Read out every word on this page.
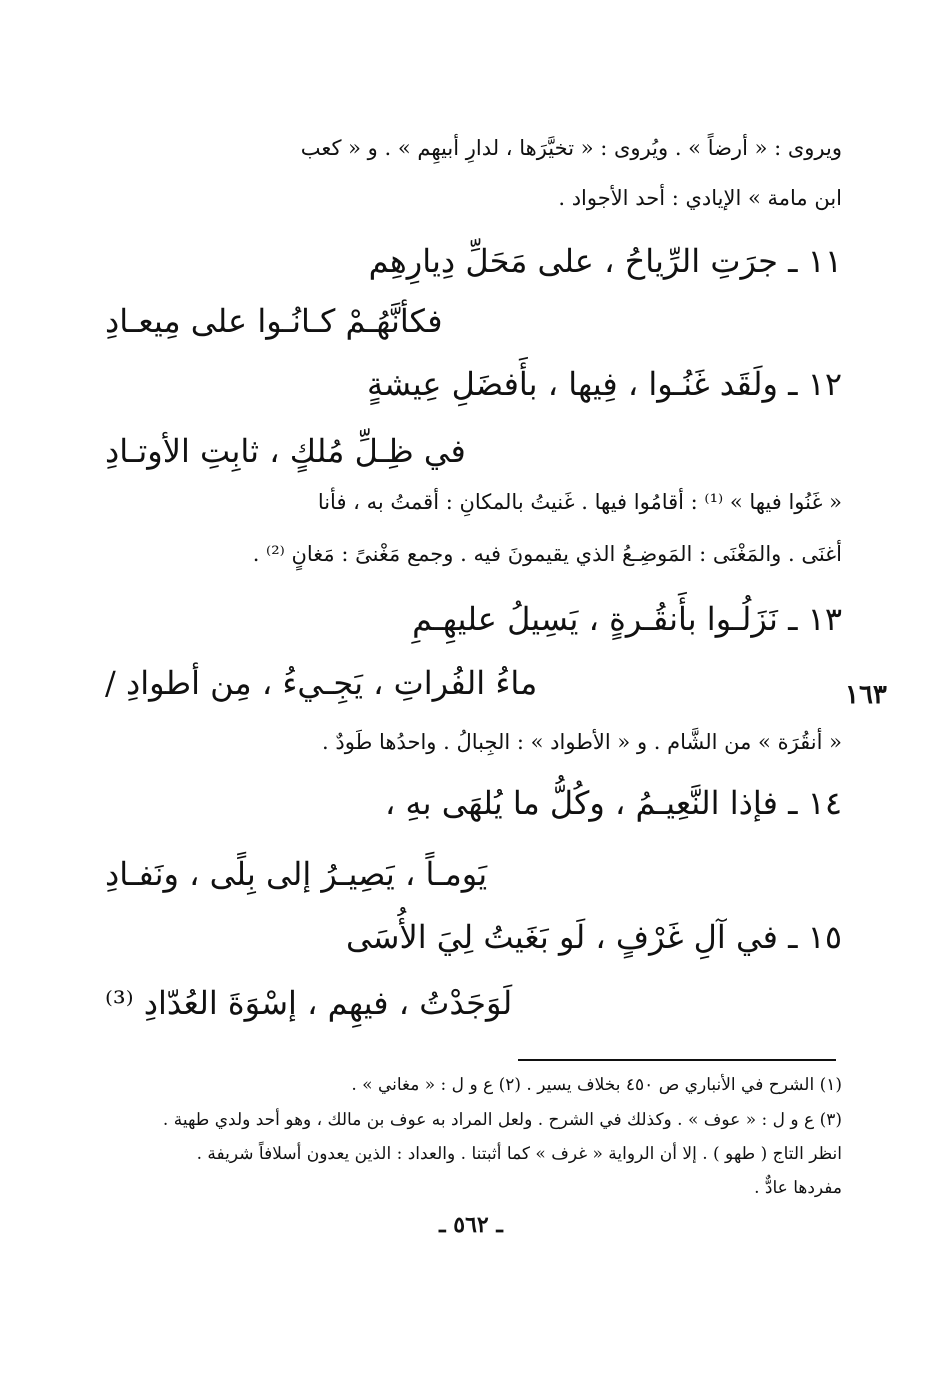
ويروى : « أرضاً » . ويُروى : « تخيَّرَها ، لدارِ أبيهِم » . و « كعب
ابن مامة » الإيادي : أحد الأجواد .
١١ ـ جرَتِ الرِّياحُ ، على مَحَلِّ دِيارِهِم
فكأنَّهُـمْ كـانُـوا على مِيعـادِ
١٢ ـ ولَقَد غَنُـوا ، فِيها ، بأَفضَلِ عِيشةٍ
في ظِـلِّ مُلكٍ ، ثابِتِ الأوتـادِ
« غَنُوا فيها » ⁽¹⁾ : أقامُوا فيها . غَنيتُ بالمكانِ : أقمتُ به ، فأنا
أغنَى . والمَغْنَى : المَوضِـعُ الذي يقيمونَ فيه . وجمع مَغْنىً : مَغانٍ ⁽²⁾ .
١٣ ـ نَزَلُـوا بأَنقُـرةٍ ، يَسِيلُ عليهِـمِ
ماءُ الفُراتِ ، يَجِـيءُ ، مِن أطوادِ /	١٦٣
« أنقُرَة » من الشَّام . و « الأطواد » : الجِبالُ . واحدُها طَودٌ .
١٤ ـ فإذا النَّعِيـمُ ، وكُلُّ ما يُلهَى بهِ ،
يَومـاً ، يَصِيـرُ إلى بِلًى ، ونَفـادِ
١٥ ـ في آلِ غَرْفٍ ، لَو بَغَيتُ لِيَ الأُسَى
لَوَجَدْتُ ، فيهِم ، إسْوَةَ العُدّادِ ⁽³⁾
(١) الشرح في الأنباري ص ٤٥٠ بخلاف يسير . (٢) ع و ل : « مغاني » .
(٣) ع و ل : « عوف » . وكذلك في الشرح . ولعل المراد به عوف بن مالك ، وهو أحد ولدي طهية .
انظر التاج ( طهو ) . إلا أن الرواية « غرف » كما أثبتنا . والعداد : الذين يعدون أسلافاً شريفة .
مفردها عادٌّ .
ـ ٥٦٢ ـ
